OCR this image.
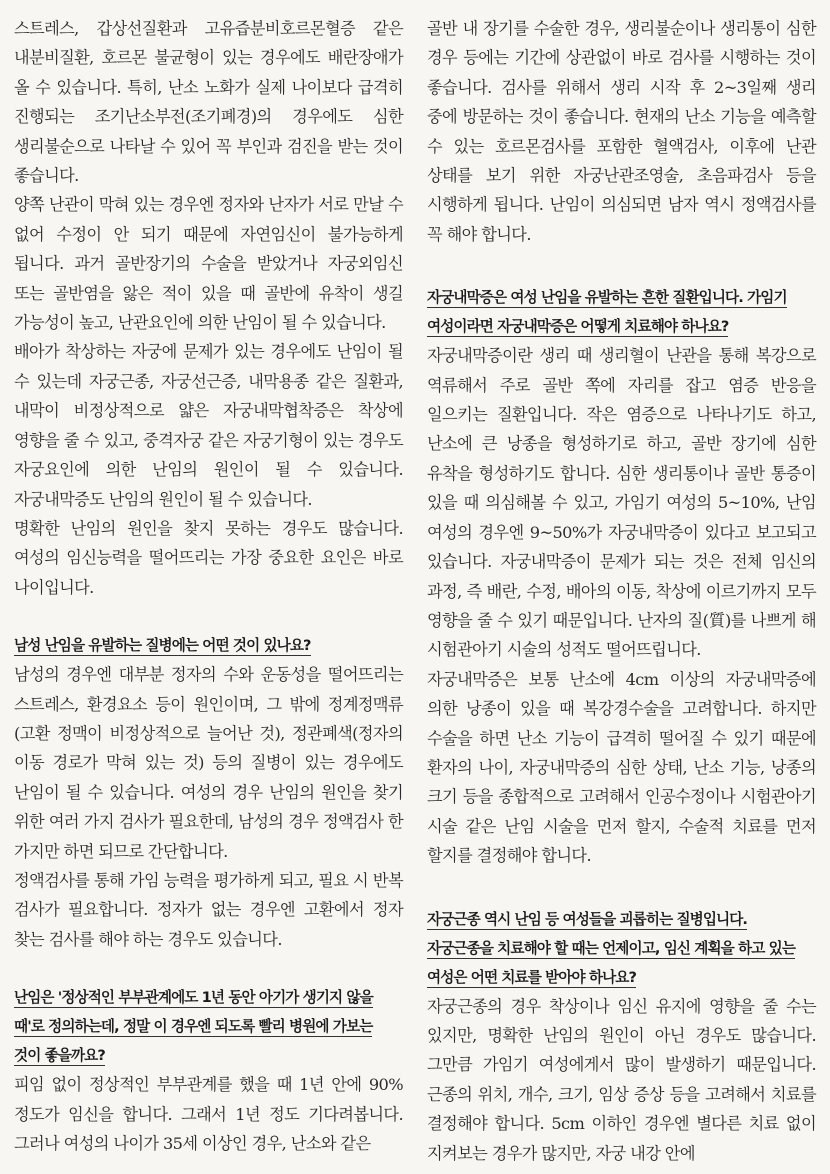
스트레스, 갑상선질환과 고유즙분비호르몬혈증 같은 내분비질환, 호르몬 불균형이 있는 경우에도 배란장애가 올 수 있습니다. 특히, 난소 노화가 실제 나이보다 급격히 진행되는 조기난소부전(조기폐경)의 경우에도 심한 생리불순으로 나타날 수 있어 꼭 부인과 검진을 받는 것이 좋습니다.

양쪽 난관이 막혀 있는 경우엔 정자와 난자가 서로 만날 수 없어 수정이 안 되기 때문에 자연임신이 불가능하게 됩니다. 과거 골반장기의 수술을 받았거나 자궁외임신 또는 골반염을 앓은 적이 있을 때 골반에 유착이 생길 가능성이 높고, 난관요인에 의한 난임이 될 수 있습니다.

배아가 착상하는 자궁에 문제가 있는 경우에도 난임이 될 수 있는데 자궁근종, 자궁선근증, 내막용종 같은 질환과, 내막이 비정상적으로 얇은 자궁내막협착증은 착상에 영향을 줄 수 있고, 중격자궁 같은 자궁기형이 있는 경우도 자궁요인에 의한 난임의 원인이 될 수 있습니다. 자궁내막증도 난임의 원인이 될 수 있습니다.

명확한 난임의 원인을 찾지 못하는 경우도 많습니다. 여성의 임신능력을 떨어뜨리는 가장 중요한 요인은 바로 나이입니다.

남성 난임을 유발하는 질병에는 어떤 것이 있나요?

남성의 경우엔 대부분 정자의 수와 운동성을 떨어뜨리는 스트레스, 환경요소 등이 원인이며, 그 밖에 정계정맥류(고환 정맥이 비정상적으로 늘어난 것), 정관폐색(정자의 이동 경로가 막혀 있는 것) 등의 질병이 있는 경우에도 난임이 될 수 있습니다. 여성의 경우 난임의 원인을 찾기 위한 여러 가지 검사가 필요한데, 남성의 경우 정액검사 한 가지만 하면 되므로 간단합니다.

정액검사를 통해 가임 능력을 평가하게 되고, 필요 시 반복 검사가 필요합니다. 정자가 없는 경우엔 고환에서 정자 찾는 검사를 해야 하는 경우도 있습니다.

난임은 '정상적인 부부관계에도 1년 동안 아기가 생기지 않을
때'로 정의하는데, 정말 이 경우엔 되도록 빨리 병원에 가보는
것이 좋을까요?

피임 없이 정상적인 부부관계를 했을 때 1년 안에 90% 정도가 임신을 합니다. 그래서 1년 정도 기다려봅니다. 그러나 여성의 나이가 35세 이상인 경우, 난소와 같은

골반 내 장기를 수술한 경우, 생리불순이나 생리통이 심한 경우 등에는 기간에 상관없이 바로 검사를 시행하는 것이 좋습니다. 검사를 위해서 생리 시작 후 2~3일째 생리 중에 방문하는 것이 좋습니다. 현재의 난소 기능을 예측할 수 있는 호르몬검사를 포함한 혈액검사, 이후에 난관 상태를 보기 위한 자궁난관조영술, 초음파검사 등을 시행하게 됩니다. 난임이 의심되면 남자 역시 정액검사를 꼭 해야 합니다.

자궁내막증은 여성 난임을 유발하는 흔한 질환입니다. 가임기
여성이라면 자궁내막증은 어떻게 치료해야 하나요?

자궁내막증이란 생리 때 생리혈이 난관을 통해 복강으로 역류해서 주로 골반 쪽에 자리를 잡고 염증 반응을 일으키는 질환입니다. 작은 염증으로 나타나기도 하고, 난소에 큰 낭종을 형성하기로 하고, 골반 장기에 심한 유착을 형성하기도 합니다. 심한 생리통이나 골반 통증이 있을 때 의심해볼 수 있고, 가임기 여성의 5~10%, 난임 여성의 경우엔 9~50%가 자궁내막증이 있다고 보고되고 있습니다. 자궁내막증이 문제가 되는 것은 전체 임신의 과정, 즉 배란, 수정, 배아의 이동, 착상에 이르기까지 모두 영향을 줄 수 있기 때문입니다. 난자의 질(質)를 나쁘게 해 시험관아기 시술의 성적도 떨어뜨립니다.

자궁내막증은 보통 난소에 4cm 이상의 자궁내막증에 의한 낭종이 있을 때 복강경수술을 고려합니다. 하지만 수술을 하면 난소 기능이 급격히 떨어질 수 있기 때문에 환자의 나이, 자궁내막증의 심한 상태, 난소 기능, 낭종의 크기 등을 종합적으로 고려해서 인공수정이나 시험관아기 시술 같은 난임 시술을 먼저 할지, 수술적 치료를 먼저 할지를 결정해야 합니다.

자궁근종 역시 난임 등 여성들을 괴롭히는 질병입니다.
자궁근종을 치료해야 할 때는 언제이고, 임신 계획을 하고 있는
여성은 어떤 치료를 받아야 하나요?

자궁근종의 경우 착상이나 임신 유지에 영향을 줄 수는 있지만, 명확한 난임의 원인이 아닌 경우도 많습니다. 그만큼 가임기 여성에게서 많이 발생하기 때문입니다. 근종의 위치, 개수, 크기, 임상 증상 등을 고려해서 치료를 결정해야 합니다. 5cm 이하인 경우엔 별다른 치료 없이 지켜보는 경우가 많지만, 자궁 내강 안에
